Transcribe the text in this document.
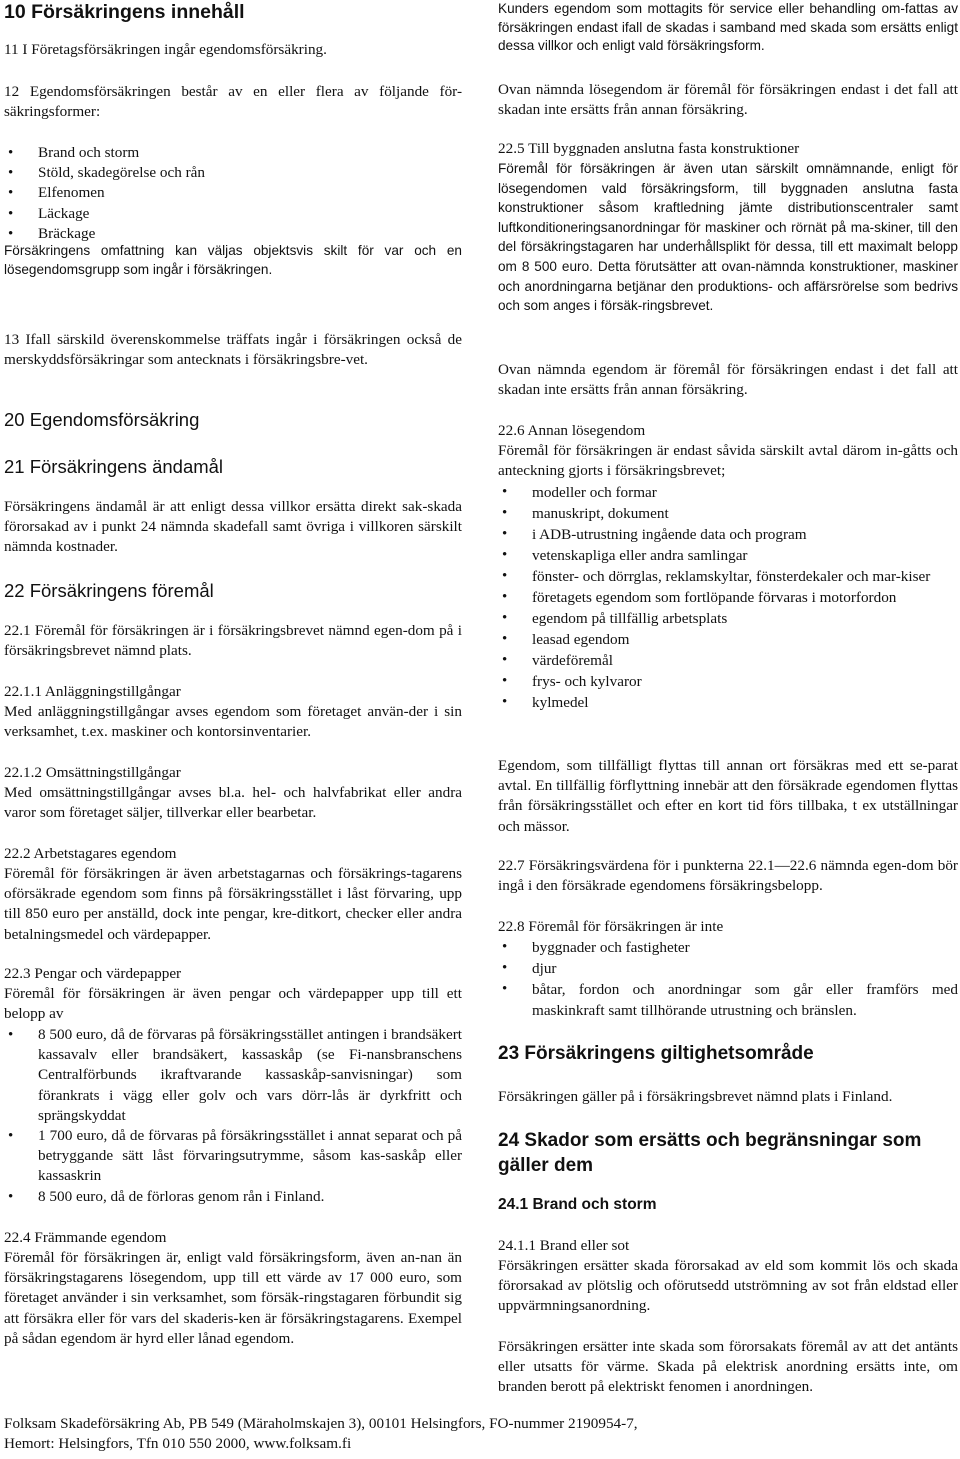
10 Försäkringens innehåll

11 I Företagsförsäkringen ingår egendomsförsäkring.

12 Egendomsförsäkringen består av en eller flera av följande för-säkringsformer:

• Brand och storm
• Stöld, skadegörelse och rån
• Elfenomen
• Läckage
• Bräckage

Försäkringens omfattning kan väljas objektsvis skilt för var och en lösegendomsgrupp som ingår i försäkringen.

13 Ifall särskild överenskommelse träffats ingår i försäkringen också de merskyddsförsäkringar som antecknats i försäkringsbre-vet.

20 Egendomsförsäkring
21 Försäkringens ändamål

Försäkringens ändamål är att enligt dessa villkor ersätta direkt sak-skada förorsakad av i punkt 24 nämnda skadefall samt övriga i villkoren särskilt nämnda kostnader.

22 Försäkringens föremål

22.1 Föremål för försäkringen är i försäkringsbrevet nämnd egen-dom på i försäkringsbrevet nämnd plats.

22.1.1 Anläggningstillgångar

Med anläggningstillgångar avses egendom som företaget använ-der i sin verksamhet, t.ex. maskiner och kontorsinventarier.

22.1.2 Omsättningstillgångar

Med omsättningstillgångar avses bl.a. hel- och halvfabrikat eller andra varor som företaget säljer, tillverkar eller bearbetar.

22.2 Arbetstagares egendom

Föremål för försäkringen är även arbetstagarnas och försäkrings-tagarens oförsäkrade egendom som finns på försäkringsstället i låst förvaring, upp till 850 euro per anställd, dock inte pengar, kre-ditkort, checker eller andra betalningsmedel och värdepapper.

22.3 Pengar och värdepapper

Föremål för försäkringen är även pengar och värdepapper upp till ett belopp av

• 8 500 euro, då de förvaras på försäkringsstället antingen i brandsäkert kassavalv eller brandsäkert, kassaskåp (se Fi-nansbranschens Centralförbunds ikraftvarande kassaskåp-sanvisningar) som förankrats i vägg eller golv och vars dörr-lås är dyrkfritt och sprängskyddat
• 1 700 euro, då de förvaras på försäkringsstället i annat separat och på betryggande sätt låst förvaringsutrymme, såsom kas-saskåp eller kassaskrin
• 8 500 euro, då de förloras genom rån i Finland.

22.4 Främmande egendom

Föremål för försäkringen är, enligt vald försäkringsform, även an-nan än försäkringstagarens lösegendom, upp till ett värde av 17 000 euro, som företaget använder i sin verksamhet, som försäk-ringstagaren förbundit sig att försäkra eller för vars del skaderis-ken är försäkringstagarens. Exempel på sådan egendom är hyrd eller lånad egendom.

Kunders egendom som mottagits för service eller behandling om-fattas av försäkringen endast ifall de skadas i samband med skada som ersätts enligt dessa villkor och enligt vald försäkringsform.

Ovan nämnda lösegendom är föremål för försäkringen endast i det fall att skadan inte ersätts från annan försäkring.

22.5 Till byggnaden anslutna fasta konstruktioner

Föremål för försäkringen är även utan särskilt omnämnande, enligt för lösegendomen vald försäkringsform, till byggnaden anslutna fasta konstruktioner såsom kraftledning jämte distributionscentraler samt luftkonditioneringsanordningar för maskiner och rörnät på ma-skiner, till den del försäkringstagaren har underhållsplikt för dessa, till ett maximalt belopp om 8 500 euro. Detta förutsätter att ovan-nämnda konstruktioner, maskiner och anordningarna betjänar den produktions- och affärsrörelse som bedrivs och som anges i försäk-ringsbrevet.

Ovan nämnda egendom är föremål för försäkringen endast i det fall att skadan inte ersätts från annan försäkring.

22.6 Annan lösegendom

Föremål för försäkringen är endast såvida särskilt avtal därom in-gåtts och anteckning gjorts i försäkringsbrevet;

• modeller och formar
• manuskript, dokument
• i ADB-utrustning ingående data och program
• vetenskapliga eller andra samlingar
• fönster- och dörrglas, reklamskyltar, fönsterdekaler och mar-kiser
• företagets egendom som fortlöpande förvaras i motorfordon
• egendom på tillfällig arbetsplats
• leasad egendom
• värdeföremål
• frys- och kylvaror
• kylmedel

Egendom, som tillfälligt flyttas till annan ort försäkras med ett se-parat avtal. En tillfällig förflyttning innebär att den försäkrade egendomen flyttas från försäkringsstället och efter en kort tid förs tillbaka, t ex utställningar och mässor.

22.7 Försäkringsvärdena för i punkterna 22.1—22.6 nämnda egen-dom bör ingå i den försäkrade egendomens försäkringsbelopp.

22.8 Föremål för försäkringen är inte

• byggnader och fastigheter
• djur
• båtar, fordon och anordningar som går eller framförs med maskinkraft samt tillhörande utrustning och bränslen.
23 Försäkringens giltighetsområde

Försäkringen gäller på i försäkringsbrevet nämnd plats i Finland.

24 Skador som ersätts och begränsningar som gäller dem
24.1 Brand och storm

24.1.1 Brand eller sot

Försäkringen ersätter skada förorsakad av eld som kommit lös och skada förorsakad av plötslig och oförutsedd utströmning av sot från eldstad eller uppvärmningsanordning.

Försäkringen ersätter inte skada som förorsakats föremål av att det antänts eller utsatts för värme. Skada på elektrisk anordning ersätts inte, om branden berott på elektriskt fenomen i anordningen.

Folksam Skadeförsäkring Ab, PB 549 (Märaholmskajen 3), 00101 Helsingfors, FO-nummer 2190954-7,
Hemort: Helsingfors, Tfn 010 550 2000, www.folksam.fi
